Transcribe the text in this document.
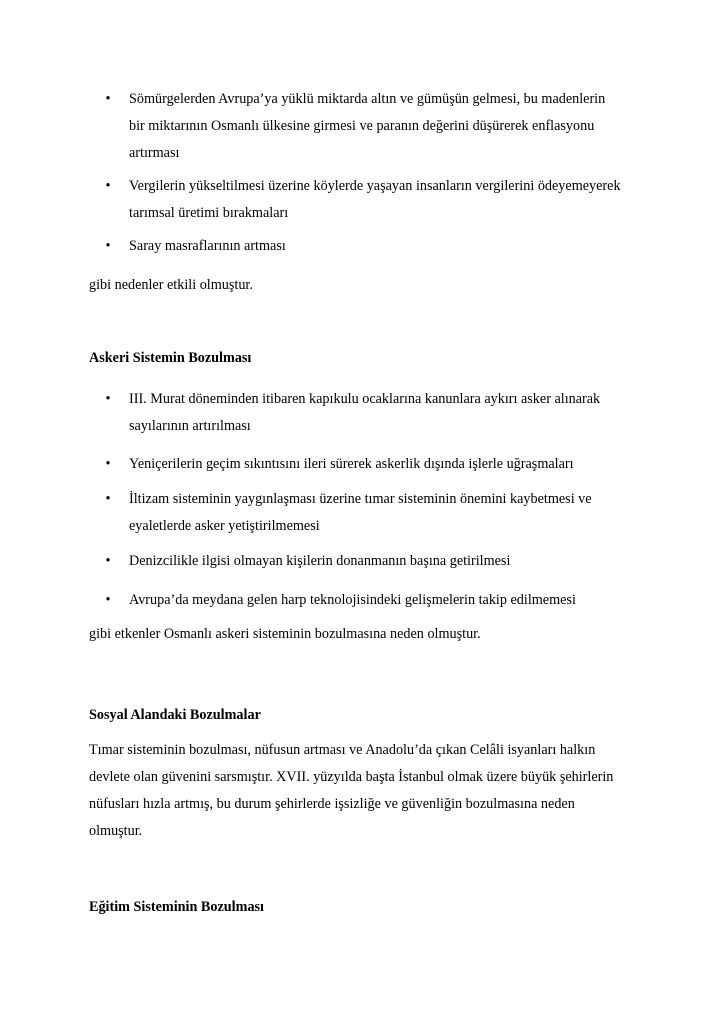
• Sömürgelerden Avrupa’ya yüklü miktarda altın ve gümüşün gelmesi, bu madenlerin
bir miktarının Osmanlı ülkesine girmesi ve paranın değerini düşürerek enflasyonu
artırması
• Vergilerin yükseltilmesi üzerine köylerde yaşayan insanların vergilerini ödeyemeyerek
tarımsal üretimi bırakmaları
• Saray masraflarının artması
gibi nedenler etkili olmuştur.
Askeri Sistemin Bozulması
• III. Murat döneminden itibaren kapıkulu ocaklarına kanunlara aykırı asker alınarak
sayılarının artırılması
• Yeniçerilerin geçim sıkıntısını ileri sürerek askerlik dışında işlerle uğraşmaları
• İltizam sisteminin yaygınlaşması üzerine tımar sisteminin önemini kaybetmesi ve
eyaletlerde asker yetiştirilmemesi
• Denizcilikle ilgisi olmayan kişilerin donanmanın başına getirilmesi
• Avrupa’da meydana gelen harp teknolojisindeki gelişmelerin takip edilmemesi
gibi etkenler Osmanlı askeri sisteminin bozulmasına neden olmuştur.
Sosyal Alandaki Bozulmalar
Tımar sisteminin bozulması, nüfusun artması ve Anadolu’da çıkan Celâli isyanları halkın
devlete olan güvenini sarsmıştır. XVII. yüzyılda başta İstanbul olmak üzere büyük şehirlerin
nüfusları hızla artmış, bu durum şehirlerde işsizliğe ve güvenliğin bozulmasına neden
olmuştur.
Eğitim Sisteminin Bozulması
